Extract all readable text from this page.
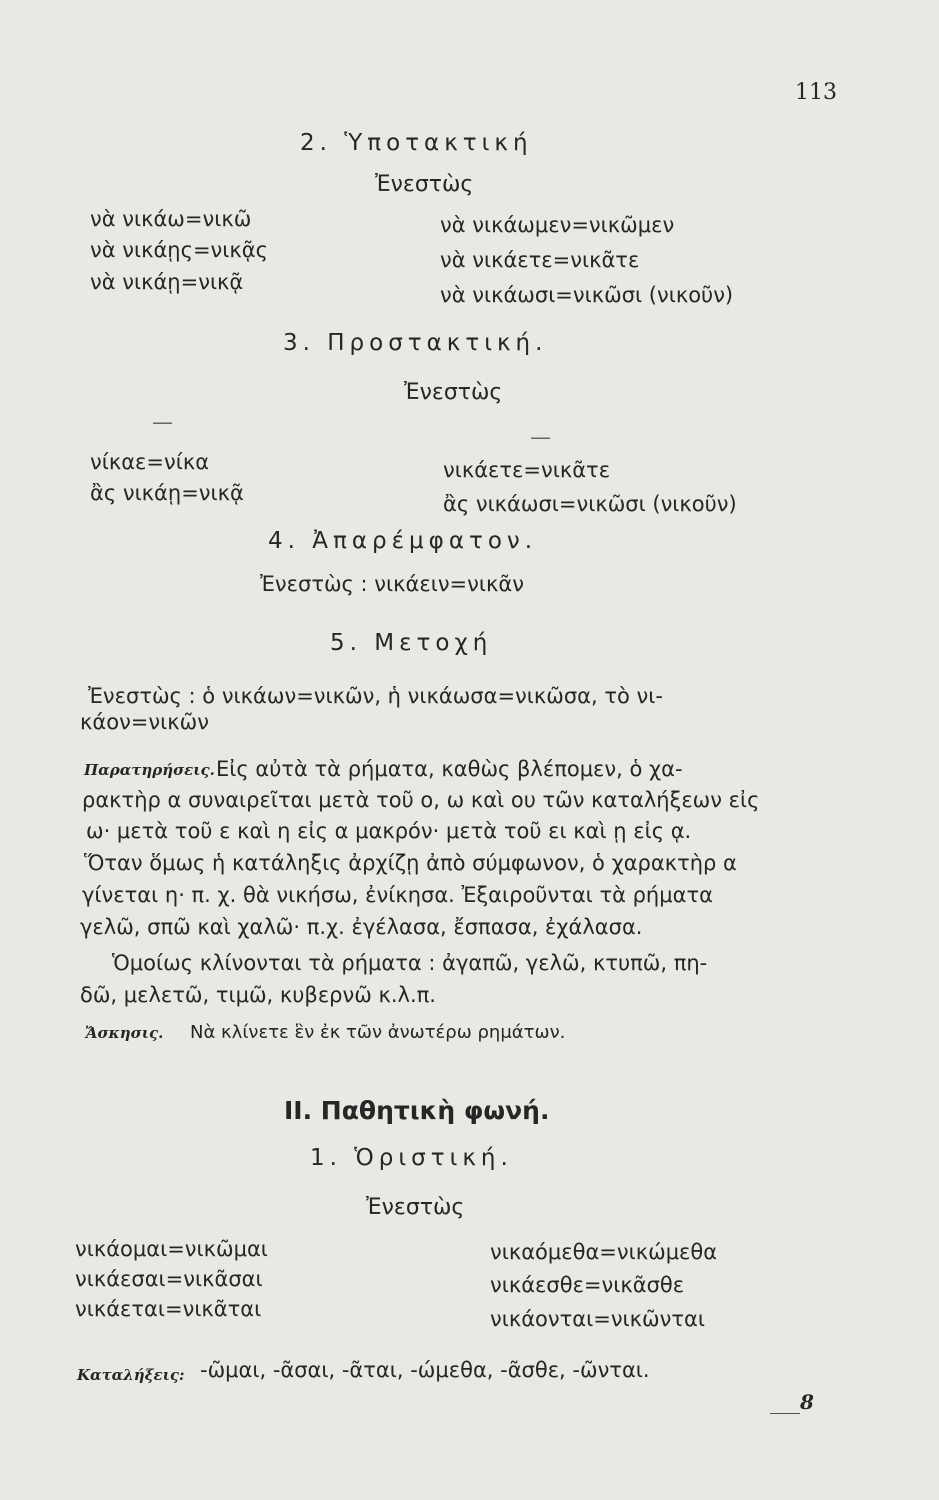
113
2. Ὑποτακτική
Ἐνεστὼς
νὰ νικάω=νικῶ
νὰ νικάῃς=νικᾷς
νὰ νικάῃ=νικᾷ
νὰ νικάωμεν=νικῶμεν
νὰ νικάετε=νικᾶτε
νὰ νικάωσι=νικῶσι (νικοῦν)
3. Προστακτική.
Ἐνεστὼς
—
—
νίκαε=νίκα
ἂς νικάῃ=νικᾷ
νικάετε=νικᾶτε
ἂς νικάωσι=νικῶσι (νικοῦν)
4. Ἀπαρέμφατον.
Ἐνεστὼς : νικάειν=νικᾶν
5. Μετοχή
Ἐνεστὼς : ὁ νικάων=νικῶν, ἡ νικάωσα=νικῶσα, τὸ νι-
κάον=νικῶν
Παρατηρήσεις. Εἰς αὐτὰ τὰ ρήματα, καθὼς βλέπομεν, ὁ χα-
ρακτὴρ α συναιρεῖται μετὰ τοῦ ο, ω καὶ ου τῶν καταλήξεων εἰς
ω· μετὰ τοῦ ε καὶ η εἰς α μακρόν· μετὰ τοῦ ει καὶ ῃ εἰς ᾳ.
Ὅταν ὅμως ἡ κατάληξις ἀρχίζῃ ἀπὸ σύμφωνον, ὁ χαρακτὴρ α
γίνεται η· π. χ. θὰ νικήσω, ἐνίκησα. Ἐξαιροῦνται τὰ ρήματα
γελῶ, σπῶ καὶ χαλῶ· π.χ. ἐγέλασα, ἔσπασα, ἐχάλασα.
Ὁμοίως κλίνονται τὰ ρήματα : ἀγαπῶ, γελῶ, κτυπῶ, πη-
δῶ, μελετῶ, τιμῶ, κυβερνῶ κ.λ.π.
Ἄσκησις. Νὰ κλίνετε ἓν ἐκ τῶν ἀνωτέρω ρημάτων.
II. Παθητικὴ φωνή.
1. Ὁριστική.
Ἐνεστὼς
νικάομαι=νικῶμαι
νικάεσαι=νικᾶσαι
νικάεται=νικᾶται
νικαόμεθα=νικώμεθα
νικάεσθε=νικᾶσθε
νικάονται=νικῶνται
Καταλήξεις: -ῶμαι, -ᾶσαι, -ᾶται, -ώμεθα, -ᾶσθε, -ῶνται.
8
